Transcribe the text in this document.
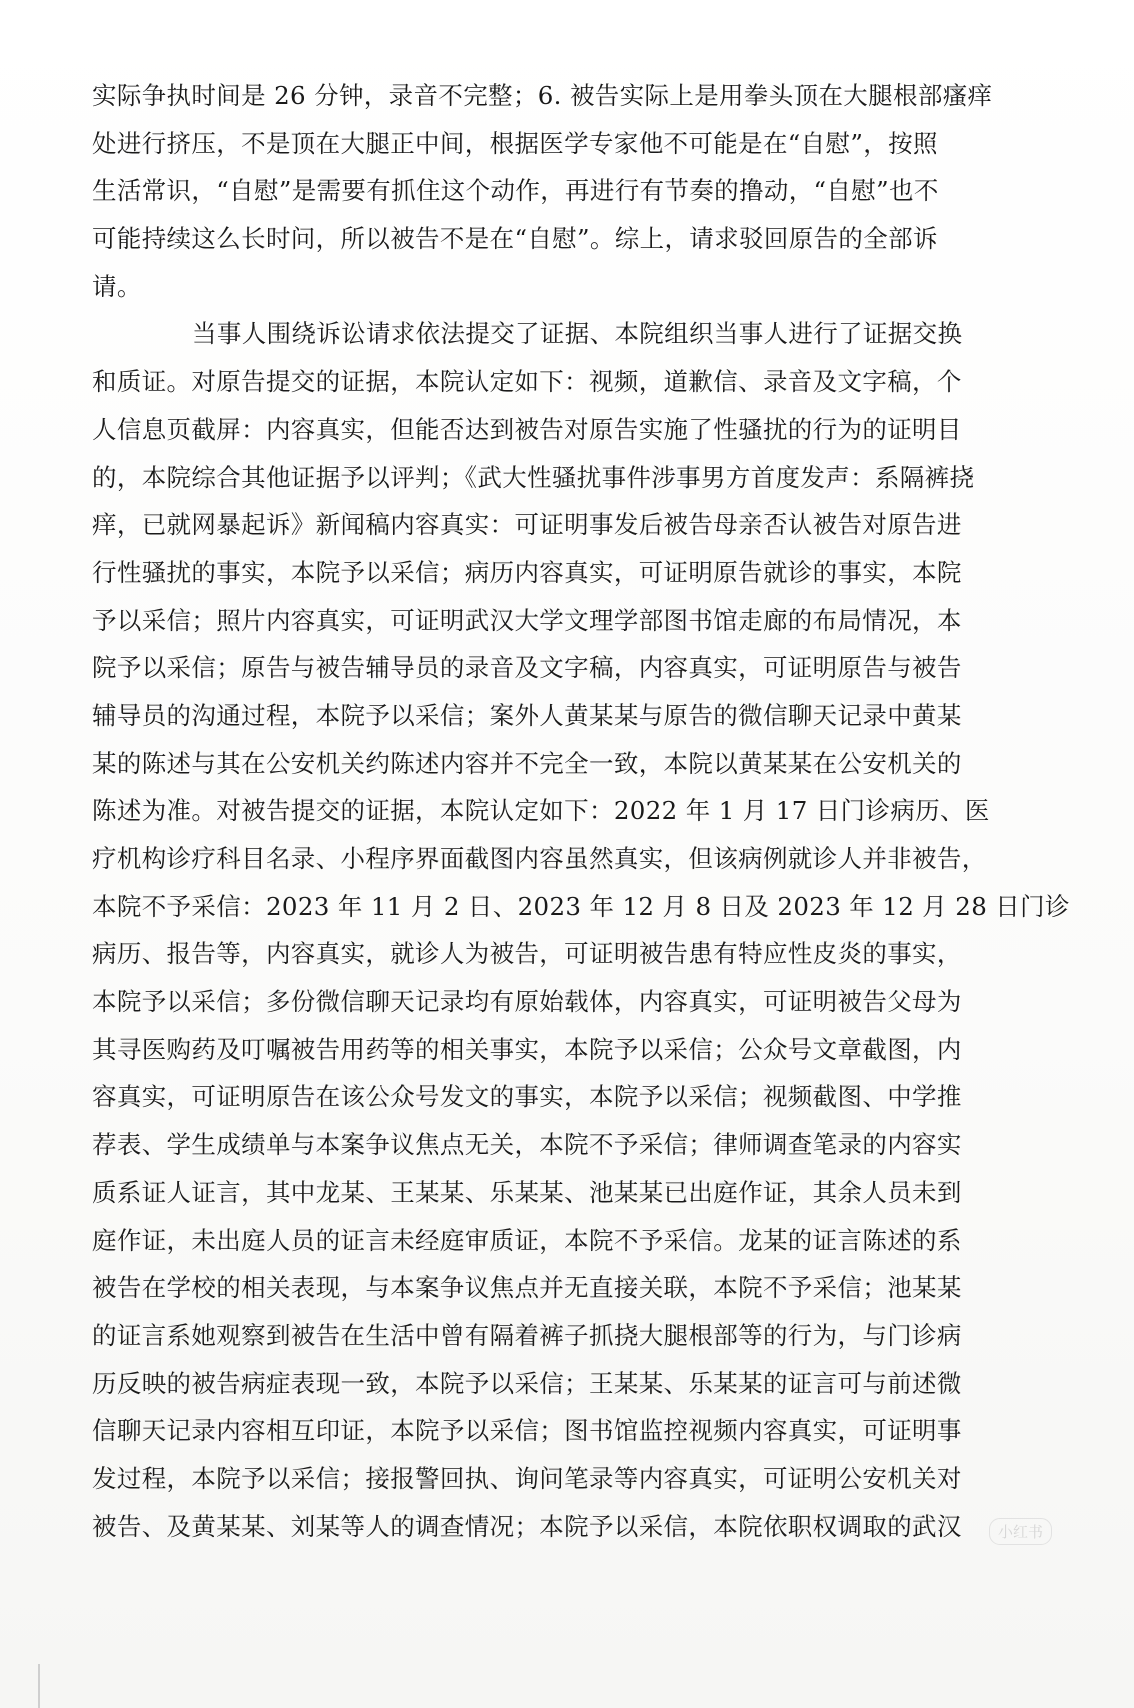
实际争执时间是 26 分钟，录音不完整；6. 被告实际上是用拳头顶在大腿根部瘙痒
处进行挤压，不是顶在大腿正中间，根据医学专家他不可能是在“自慰”，按照
生活常识，“自慰”是需要有抓住这个动作，再进行有节奏的撸动，“自慰”也不
可能持续这么长时问，所以被告不是在“自慰”。综上，请求驳回原告的全部诉
请。
当事人围绕诉讼请求依法提交了证据、本院组织当事人进行了证据交换
和质证。对原告提交的证据，本院认定如下：视频，道歉信、录音及文字稿，个
人信息页截屏：内容真实，但能否达到被告对原告实施了性骚扰的行为的证明目
的，本院综合其他证据予以评判；《武大性骚扰事件涉事男方首度发声：系隔裤挠
痒，已就网暴起诉》新闻稿内容真实：可证明事发后被告母亲否认被告对原告进
行性骚扰的事实，本院予以采信；病历内容真实，可证明原告就诊的事实，本院
予以采信；照片内容真实，可证明武汉大学文理学部图书馆走廊的布局情况，本
院予以采信；原告与被告辅导员的录音及文字稿，内容真实，可证明原告与被告
辅导员的沟通过程，本院予以采信；案外人黄某某与原告的微信聊天记录中黄某
某的陈述与其在公安机关约陈述内容并不完全一致，本院以黄某某在公安机关的
陈述为准。对被告提交的证据，本院认定如下：2022 年 1 月 17 日门诊病历、医
疗机构诊疗科目名录、小程序界面截图内容虽然真实，但该病例就诊人并非被告，
本院不予采信：2023 年 11 月 2 日、2023 年 12 月 8 日及 2023 年 12 月 28 日门诊
病历、报告等，内容真实，就诊人为被告，可证明被告患有特应性皮炎的事实，
本院予以采信；多份微信聊天记录均有原始载体，内容真实，可证明被告父母为
其寻医购药及叮嘱被告用药等的相关事实，本院予以采信；公众号文章截图，内
容真实，可证明原告在该公众号发文的事实，本院予以采信；视频截图、中学推
荐表、学生成绩单与本案争议焦点无关，本院不予采信；律师调查笔录的内容实
质系证人证言，其中龙某、王某某、乐某某、池某某已出庭作证，其余人员未到
庭作证，未出庭人员的证言未经庭审质证，本院不予采信。龙某的证言陈述的系
被告在学校的相关表现，与本案争议焦点并无直接关联，本院不予采信；池某某
的证言系她观察到被告在生活中曾有隔着裤子抓挠大腿根部等的行为，与门诊病
历反映的被告病症表现一致，本院予以采信；王某某、乐某某的证言可与前述微
信聊天记录内容相互印证，本院予以采信；图书馆监控视频内容真实，可证明事
发过程，本院予以采信；接报警回执、询问笔录等内容真实，可证明公安机关对
被告、及黄某某、刘某等人的调查情况；本院予以采信，本院依职权调取的武汉	小红书
